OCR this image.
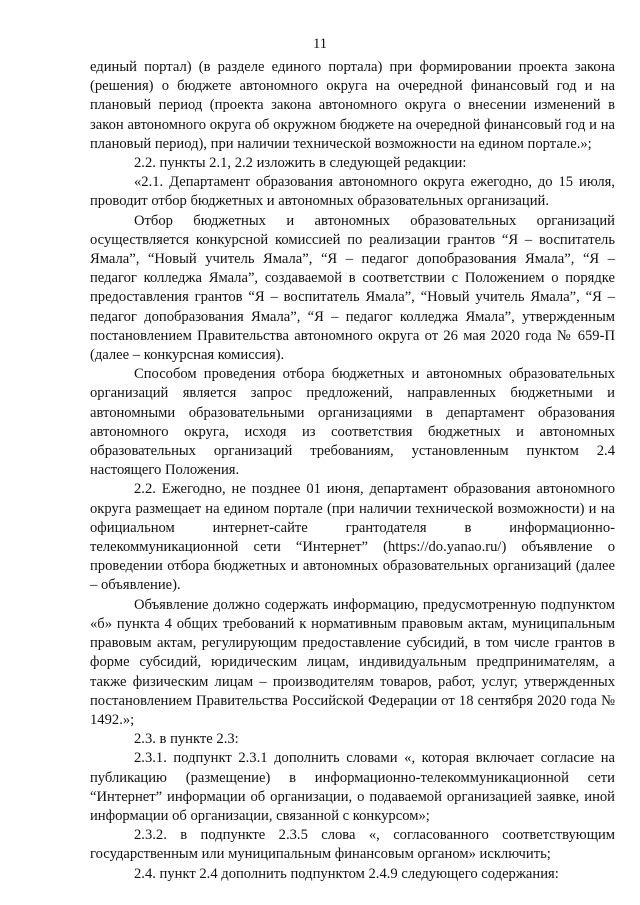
11

единый портал) (в разделе единого портала) при формировании проекта закона (решения) о бюджете автономного округа на очередной финансовый год и на плановый период (проекта закона автономного округа о внесении изменений в закон автономного округа об окружном бюджете на очередной финансовый год и на плановый период), при наличии технической возможности на едином портале.»;

2.2. пункты 2.1, 2.2 изложить в следующей редакции:

«2.1. Департамент образования автономного округа ежегодно, до 15 июля, проводит отбор бюджетных и автономных образовательных организаций.

Отбор бюджетных и автономных образовательных организаций осуществляется конкурсной комиссией по реализации грантов “Я – воспитатель Ямала”, “Новый учитель Ямала”, “Я – педагог допобразования Ямала”, “Я – педагог колледжа Ямала”, создаваемой в соответствии с Положением о порядке предоставления грантов “Я – воспитатель Ямала”, “Новый учитель Ямала”, “Я – педагог допобразования Ямала”, “Я – педагог колледжа Ямала”, утвержденным постановлением Правительства автономного округа от 26 мая 2020 года № 659-П (далее – конкурсная комиссия).

Способом проведения отбора бюджетных и автономных образовательных организаций является запрос предложений, направленных бюджетными и автономными образовательными организациями в департамент образования автономного округа, исходя из соответствия бюджетных и автономных образовательных организаций требованиям, установленным пунктом 2.4 настоящего Положения.

2.2. Ежегодно, не позднее 01 июня, департамент образования автономного округа размещает на едином портале (при наличии технической возможности) и на официальном интернет-сайте грантодателя в информационно-телекоммуникационной сети “Интернет” (https://do.yanao.ru/) объявление о проведении отбора бюджетных и автономных образовательных организаций (далее – объявление).

Объявление должно содержать информацию, предусмотренную подпунктом «б» пункта 4 общих требований к нормативным правовым актам, муниципальным правовым актам, регулирующим предоставление субсидий, в том числе грантов в форме субсидий, юридическим лицам, индивидуальным предпринимателям, а также физическим лицам – производителям товаров, работ, услуг, утвержденных постановлением Правительства Российской Федерации от 18 сентября 2020 года № 1492.»;

2.3. в пункте 2.3:

2.3.1. подпункт 2.3.1 дополнить словами «, которая включает согласие на публикацию (размещение) в информационно-телекоммуникационной сети “Интернет” информации об организации, о подаваемой организацией заявке, иной информации об организации, связанной с конкурсом»;

2.3.2. в подпункте 2.3.5 слова «, согласованного соответствующим государственным или муниципальным финансовым органом» исключить;

2.4. пункт 2.4 дополнить подпунктом 2.4.9 следующего содержания:
